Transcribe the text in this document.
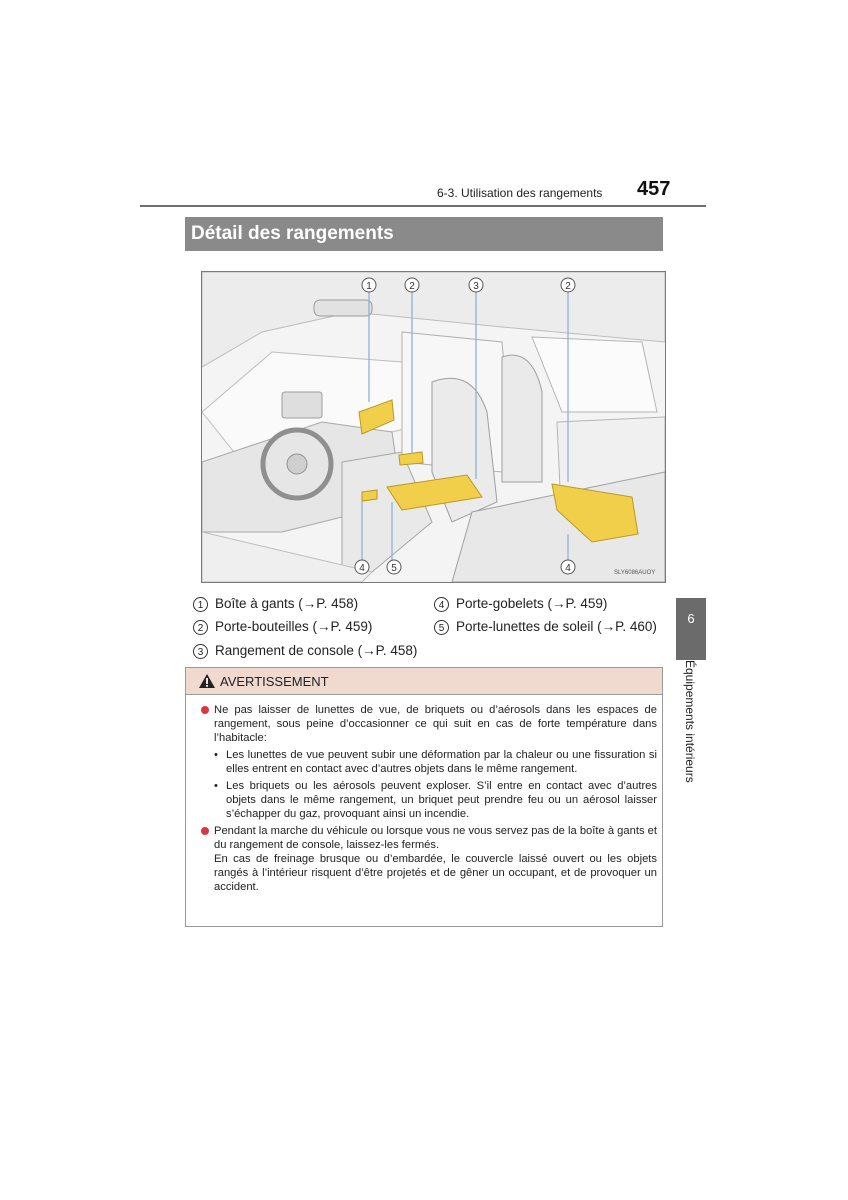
6-3. Utilisation des rangements 457
Détail des rangements
1	2	3	2
4	5	4	SLY6086AUOY
1 Boîte à gants (→P. 458)
2 Porte-bouteilles (→P. 459)
3 Rangement de console (→P. 458)
4 Porte-gobelets (→P. 459)
5 Porte-lunettes de soleil (→P. 460)
AVERTISSEMENT
Ne pas laisser de lunettes de vue, de briquets ou d’aérosols dans les espaces de rangement, sous peine d’occasionner ce qui suit en cas de forte température dans l’habitacle:
• Les lunettes de vue peuvent subir une déformation par la chaleur ou une fissuration si elles entrent en contact avec d’autres objets dans le même rangement.
• Les briquets ou les aérosols peuvent exploser. S’il entre en contact avec d’autres objets dans le même rangement, un briquet peut prendre feu ou un aérosol laisser s’échapper du gaz, provoquant ainsi un incendie.
Pendant la marche du véhicule ou lorsque vous ne vous servez pas de la boîte à gants et du rangement de console, laissez-les fermés.
En cas de freinage brusque ou d’embardée, le couvercle laissé ouvert ou les objets rangés à l’intérieur risquent d’être projetés et de gêner un occupant, et de provoquer un accident.
6
Équipements intérieurs
